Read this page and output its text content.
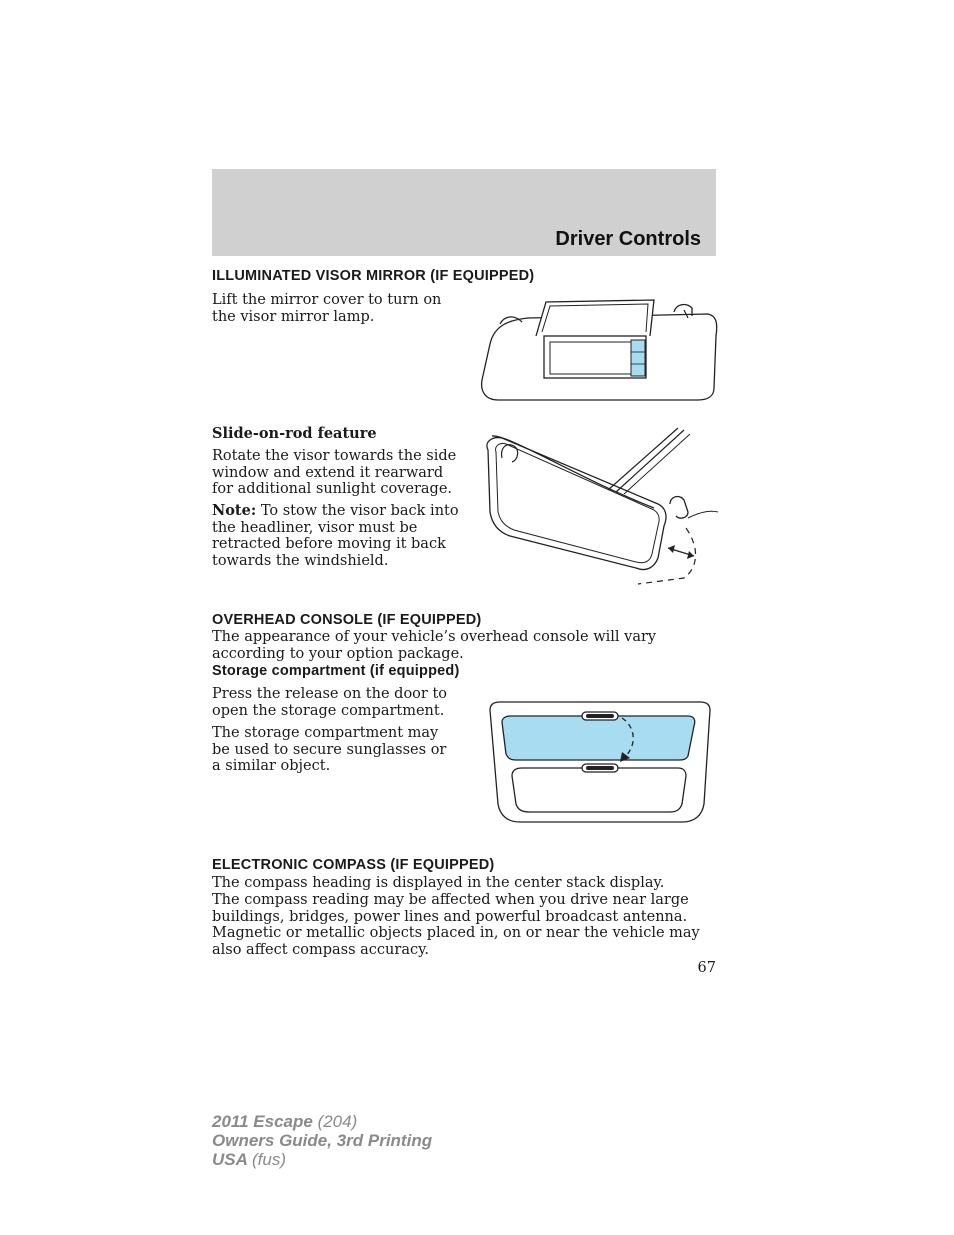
Driver Controls
ILLUMINATED VISOR MIRROR (IF EQUIPPED)

Lift the mirror cover to turn on the visor mirror lamp.

Slide-on-rod feature

Rotate the visor towards the side window and extend it rearward for additional sunlight coverage.

Note: To stow the visor back into the headliner, visor must be retracted before moving it back towards the windshield.

OVERHEAD CONSOLE (IF EQUIPPED)

The appearance of your vehicle’s overhead console will vary according to your option package.

Storage compartment (if equipped)

Press the release on the door to open the storage compartment.

The storage compartment may be used to secure sunglasses or a similar object.

ELECTRONIC COMPASS (IF EQUIPPED)

The compass heading is displayed in the center stack display.

The compass reading may be affected when you drive near large buildings, bridges, power lines and powerful broadcast antenna. Magnetic or metallic objects placed in, on or near the vehicle may also affect compass accuracy.

67
2011 Escape (204)
Owners Guide, 3rd Printing
USA (fus)
